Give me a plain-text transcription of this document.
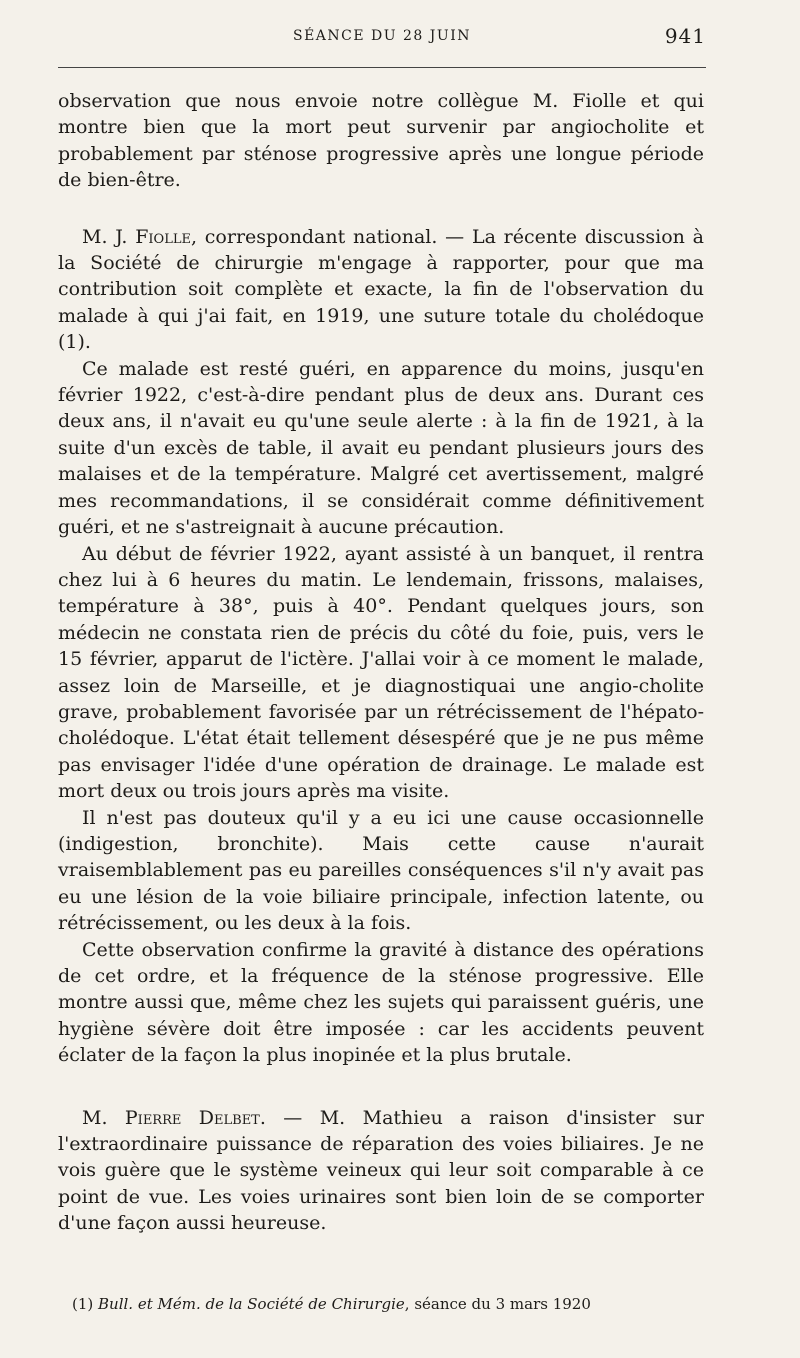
SÉANCE DU 28 JUIN	941

observation que nous envoie notre collègue M. Fiolle et qui montre bien que la mort peut survenir par angiocholite et probablement par sténose progressive après une longue période de bien-être.

M. J. Fiolle, correspondant national. — La récente discussion à la Société de chirurgie m'engage à rapporter, pour que ma contribution soit complète et exacte, la fin de l'observation du malade à qui j'ai fait, en 1919, une suture totale du cholédoque (1).

Ce malade est resté guéri, en apparence du moins, jusqu'en février 1922, c'est-à-dire pendant plus de deux ans. Durant ces deux ans, il n'avait eu qu'une seule alerte : à la fin de 1921, à la suite d'un excès de table, il avait eu pendant plusieurs jours des malaises et de la température. Malgré cet avertissement, malgré mes recommandations, il se considérait comme définitivement guéri, et ne s'astreignait à aucune précaution.

Au début de février 1922, ayant assisté à un banquet, il rentra chez lui à 6 heures du matin. Le lendemain, frissons, malaises, température à 38°, puis à 40°. Pendant quelques jours, son médecin ne constata rien de précis du côté du foie, puis, vers le 15 février, apparut de l'ictère. J'allai voir à ce moment le malade, assez loin de Marseille, et je diagnostiquai une angio-cholite grave, probablement favorisée par un rétrécissement de l'hépato-cholédoque. L'état était tellement désespéré que je ne pus même pas envisager l'idée d'une opération de drainage. Le malade est mort deux ou trois jours après ma visite.

Il n'est pas douteux qu'il y a eu ici une cause occasionnelle (indigestion, bronchite). Mais cette cause n'aurait vraisemblablement pas eu pareilles conséquences s'il n'y avait pas eu une lésion de la voie biliaire principale, infection latente, ou rétrécissement, ou les deux à la fois.

Cette observation confirme la gravité à distance des opérations de cet ordre, et la fréquence de la sténose progressive. Elle montre aussi que, même chez les sujets qui paraissent guéris, une hygiène sévère doit être imposée : car les accidents peuvent éclater de la façon la plus inopinée et la plus brutale.

M. Pierre Delbet. — M. Mathieu a raison d'insister sur l'extraordinaire puissance de réparation des voies biliaires. Je ne vois guère que le système veineux qui leur soit comparable à ce point de vue. Les voies urinaires sont bien loin de se comporter d'une façon aussi heureuse.

(1) Bull. et Mém. de la Société de Chirurgie, séance du 3 mars 1920
